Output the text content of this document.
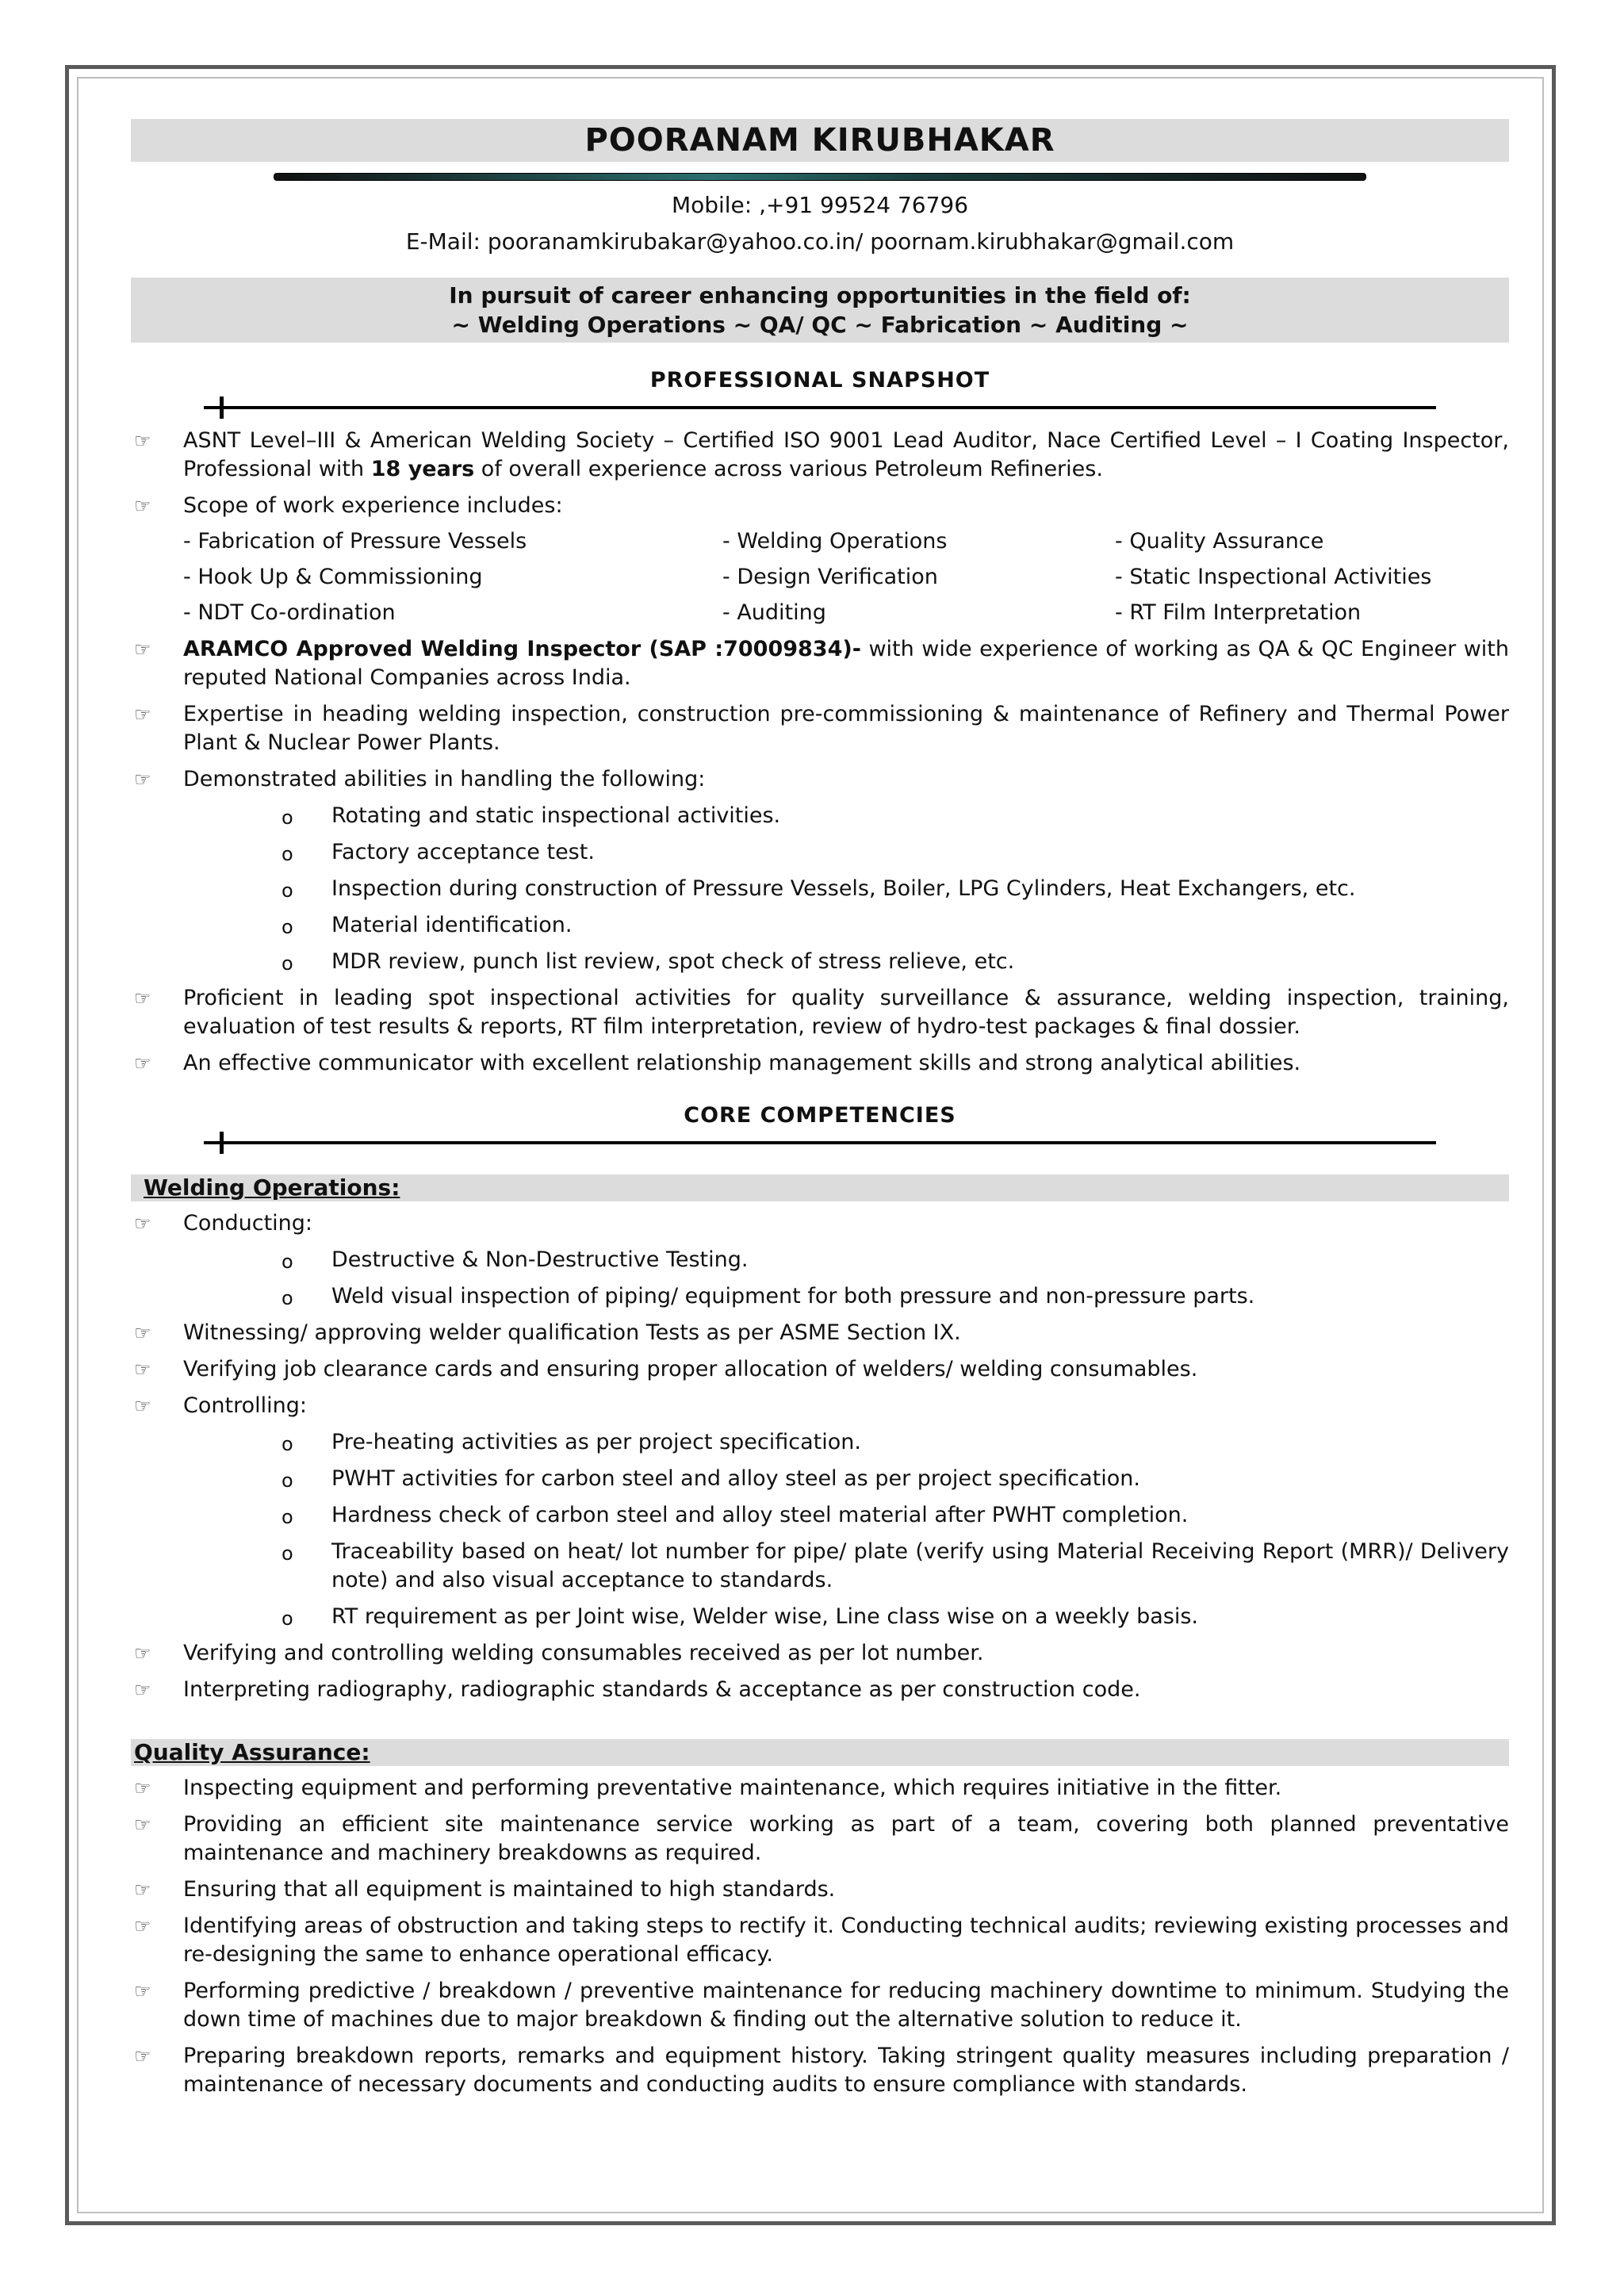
POORANAM KIRUBHAKAR
Mobile: ,+91 99524 76796
E-Mail: pooranamkirubakar@yahoo.co.in/ poornam.kirubhakar@gmail.com
In pursuit of career enhancing opportunities in the field of:
~ Welding Operations ~ QA/ QC ~ Fabrication ~ Auditing ~
PROFESSIONAL SNAPSHOT
☞ ASNT Level–III & American Welding Society – Certified ISO 9001 Lead Auditor, Nace Certified Level – I Coating Inspector, Professional with 18 years of overall experience across various Petroleum Refineries.
☞ Scope of work experience includes:
- Fabrication of Pressure Vessels	- Welding Operations	- Quality Assurance
- Hook Up & Commissioning	- Design Verification	- Static Inspectional Activities
- NDT Co-ordination	- Auditing	- RT Film Interpretation
☞ ARAMCO Approved Welding Inspector (SAP :70009834)- with wide experience of working as QA & QC Engineer with reputed National Companies across India.
☞ Expertise in heading welding inspection, construction pre-commissioning & maintenance of Refinery and Thermal Power Plant & Nuclear Power Plants.
☞ Demonstrated abilities in handling the following:
o Rotating and static inspectional activities.
o Factory acceptance test.
o Inspection during construction of Pressure Vessels, Boiler, LPG Cylinders, Heat Exchangers, etc.
o Material identification.
o MDR review, punch list review, spot check of stress relieve, etc.
☞ Proficient in leading spot inspectional activities for quality surveillance & assurance, welding inspection, training, evaluation of test results & reports, RT film interpretation, review of hydro-test packages & final dossier.
☞ An effective communicator with excellent relationship management skills and strong analytical abilities.
CORE COMPETENCIES
Welding Operations:
☞ Conducting:
o Destructive & Non-Destructive Testing.
o Weld visual inspection of piping/ equipment for both pressure and non-pressure parts.
☞ Witnessing/ approving welder qualification Tests as per ASME Section IX.
☞ Verifying job clearance cards and ensuring proper allocation of welders/ welding consumables.
☞ Controlling:
o Pre-heating activities as per project specification.
o PWHT activities for carbon steel and alloy steel as per project specification.
o Hardness check of carbon steel and alloy steel material after PWHT completion.
o Traceability based on heat/ lot number for pipe/ plate (verify using Material Receiving Report (MRR)/ Delivery note) and also visual acceptance to standards.
o RT requirement as per Joint wise, Welder wise, Line class wise on a weekly basis.
☞ Verifying and controlling welding consumables received as per lot number.
☞ Interpreting radiography, radiographic standards & acceptance as per construction code.
Quality Assurance:
☞ Inspecting equipment and performing preventative maintenance, which requires initiative in the fitter.
☞ Providing an efficient site maintenance service working as part of a team, covering both planned preventative maintenance and machinery breakdowns as required.
☞ Ensuring that all equipment is maintained to high standards.
☞ Identifying areas of obstruction and taking steps to rectify it. Conducting technical audits; reviewing existing processes and re-designing the same to enhance operational efficacy.
☞ Performing predictive / breakdown / preventive maintenance for reducing machinery downtime to minimum. Studying the down time of machines due to major breakdown & finding out the alternative solution to reduce it.
☞ Preparing breakdown reports, remarks and equipment history. Taking stringent quality measures including preparation / maintenance of necessary documents and conducting audits to ensure compliance with standards.
